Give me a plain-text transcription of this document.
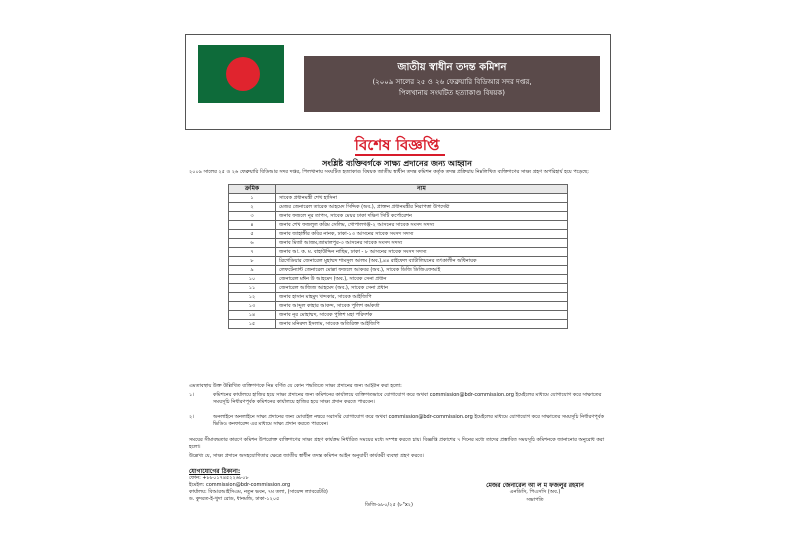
জাতীয় স্বাধীন তদন্ত কমিশন
(২০০৯ সালের ২৫ ও ২৬ ফেব্রুয়ারি বিডিআর সদর দপ্তর,
পিলখানায় সংঘটিত হত্যাকাণ্ড বিষয়ক)
বিশেষ বিজ্ঞপ্তি
সংশ্লিষ্ট ব্যক্তিবর্গকে সাক্ষ্য প্রদানের জন্য আহ্বান
২০০৯ সালের ২৫ ও ২৬ ফেব্রুয়ারি বিডিআর সদর দপ্তর, পিলখানায় সংঘটিত হত্যাকাণ্ড বিষয়ক জাতীয় স্বাধীন তদন্ত কমিশন কর্তৃক তদন্ত প্রক্রিয়ায় নিম্নলিখিত ব্যক্তিগণের সাক্ষ্য গ্রহণ অপরিহার্য হয়ে পড়েছে:
ক্রমিক	নাম
১	সাবেক প্রধানমন্ত্রী শেখ হাসিনা
২	মেজর জেনারেল তারেক আহমেদ সিদ্দিক (অব.), প্রাক্তন প্রধানমন্ত্রীর নিরাপত্তা উপদেষ্টা
৩	জনাব ফজলে নূর তাপস, সাবেক মেয়র ঢাকা দক্ষিণ সিটি কর্পোরেশন
৪	জনাব শেখ ফজলুল করিম সেলিম, গোপালগঞ্জ-২ আসনের সাবেক সংসদ সদস্য
৫	জনাব জাহাঙ্গীর কবির নানক, ঢাকা-১৩ আসনের সাবেক সংসদ সদস্য
৬	জনাব মির্জা আজম,জামালপুর-৩ আসনের সাবেক সংসদ সদস্য
৭	জনাব আ. ক. ম. বাহাউদ্দিন নাছিম, ঢাকা - ৮ আসনের সাবেক সংসদ সদস্য
৮	ব্রিগেডিয়ার জেনারেল মুহাম্মদ শামসুল আলম (অব.),৪৪ রাইফেল ব্যাটালিয়নের তৎকালীন অধিনায়ক
৯	লেফটেন্যান্ট জেনারেল মোল্লা ফজলে আকবর (অব.), সাবেক ডিজি ডিজিএফআই
১০	জেনারেল মঈন উ আহমেদ (অব.), সাবেক সেনা প্রধান
১১	জেনারেল আজিজ আহমেদ (অব.), সাবেক সেনা প্রধান
১২	জনাব হাসান মাহমুদ খন্দকার, সাবেক আইজিপি
১৩	জনাব আব্দুল কাহার আকন্দ, সাবেক পুলিশ কর্মকর্তা
১৪	জনাব নূর মোহাম্মদ, সাবেক পুলিশ মহা পরিদর্শক
১৫	জনাব মনিরুল ইসলাম, সাবেক অতিরিক্ত আইজিপি
এমতাবস্থায় উক্ত উল্লিখিত ব্যক্তিগণকে নিম্ন বর্ণিত যে কোন পদ্ধতিতে সাক্ষ্য প্রদানের জন্য আহ্বান করা হলো:
১।	কমিশনের কার্যালয়ে হাজির হয়ে সাক্ষ্য প্রদানের জন্য কমিশনের কার্যালয়ে ব্যক্তিগতভাবে যোগাযোগ করে অথবা commission@bdr-commission.org ইমেইলের মাধ্যমে যোগাযোগ করে সাক্ষাতের সময়সূচি নির্ধারণপূর্বক কমিশনের কার্যালয়ে হাজির হয়ে সাক্ষ্য প্রদান করতে পারবেন।
২।	অনলাইনে অনলাইনে সাক্ষ্য প্রদানের জন্য মোবাইল নম্বরে সরাসরি যোগাযোগ করে অথবা commission@bdr-commission.org ইমেইলের মাধ্যমে যোগাযোগ করে সাক্ষাতের সময়সূচি নির্ধারণপূর্বক ভিডিও কনফারেন্স এর মাধ্যমে সাক্ষ্য প্রদান করতে পারবেন।
সময়ের সীমাবদ্ধতার কারণে কমিশন উপরোক্ত ব্যক্তিগণের সাক্ষ্য গ্রহণ কার্যক্রম নির্ধারিত সময়ের মধ্যে সম্পন্ন করতে চায়। বিজ্ঞপ্তি প্রকাশের ৭ দিনের মধ্যে তাদের প্রস্তাবিত সময়সূচি কমিশনকে জানানোর অনুরোধ করা হলো।
উল্লেখ্য যে, সাক্ষ্য প্রদানে অসহযোগিতার ক্ষেত্রে জাতীয় স্বাধীন তদন্ত কমিশন আইন অনুযায়ী কার্যকরী ব্যবস্থা গ্রহণ করবে।
যোগাযোগের ঠিকানা:
ফোন: +৮৮০১৭৪৫২২৬৮০৮
ইমেইল: commission@bdr-commission.org
কার্যালয়: বিআরআইসিএম, নতুন ভবন, ৭ম তলা, (সায়েন্স ল্যাবরেটরি)
ড. কুদরত-ই-খুদা রোড, ধানমন্ডি, ঢাকা-১২০৫
ডিজি-৯৮০/২৫ (৮"x২)
মেজর জেনারেল আ ল ম ফজলুর রহমান
এনডিসি, পিএসসি (অব.)
সভাপতি
